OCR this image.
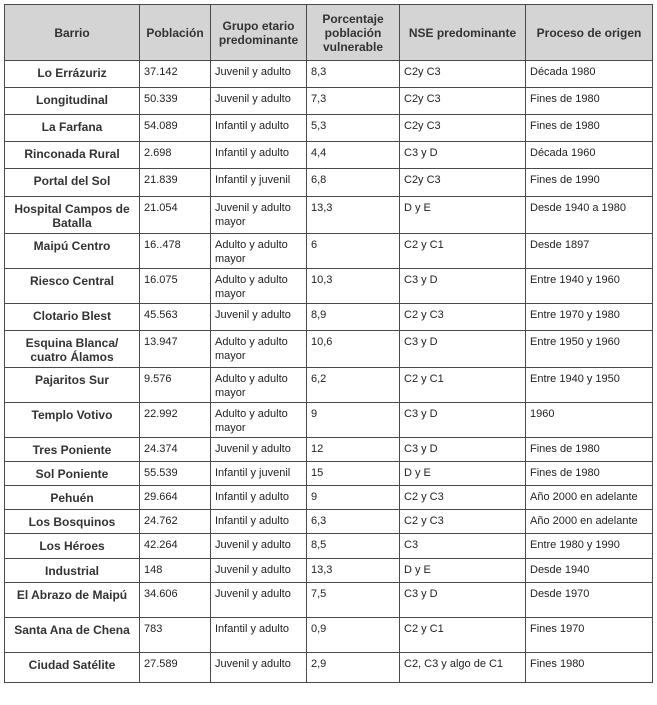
Barrio	Población	Grupo etario predominante	Porcentaje población vulnerable	NSE predominante	Proceso de origen
Lo Errázuriz	37.142	Juvenil y adulto	8,3	C2y C3	Década 1980
Longitudinal	50.339	Juvenil y adulto	7,3	C2y C3	Fines de 1980
La Farfana	54.089	Infantil y adulto	5,3	C2y C3	Fines de 1980
Rinconada Rural	2.698	Infantil y adulto	4,4	C3 y D	Década 1960
Portal del Sol	21.839	Infantil y juvenil	6,8	C2y C3	Fines de 1990
Hospital Campos de Batalla	21.054	Juvenil y adulto mayor	13,3	D y E	Desde 1940 a 1980
Maipú Centro	16..478	Adulto y adulto mayor	6	C2 y C1	Desde 1897
Riesco Central	16.075	Adulto y adulto mayor	10,3	C3 y D	Entre 1940 y 1960
Clotario Blest	45.563	Juvenil y adulto	8,9	C2 y C3	Entre 1970 y 1980
Esquina Blanca/ cuatro Álamos	13.947	Adulto y adulto mayor	10,6	C3 y D	Entre 1950 y 1960
Pajaritos Sur	9.576	Adulto y adulto mayor	6,2	C2 y C1	Entre 1940 y 1950
Templo Votivo	22.992	Adulto y adulto mayor	9	C3 y D	1960
Tres Poniente	24.374	Juvenil y adulto	12	C3 y D	Fines de 1980
Sol Poniente	55.539	Infantil y juvenil	15	D y E	Fines de 1980
Pehuén	29.664	Infantil y adulto	9	C2 y C3	Año 2000 en adelante
Los Bosquinos	24.762	Infantil y adulto	6,3	C2 y C3	Año 2000 en adelante
Los Héroes	42.264	Juvenil y adulto	8,5	C3	Entre 1980 y 1990
Industrial	148	Juvenil y adulto	13,3	D y E	Desde 1940
El Abrazo de Maipú	34.606	Juvenil y adulto	7,5	C3 y D	Desde 1970
Santa Ana de Chena	783	Infantil y adulto	0,9	C2 y C1	Fines 1970
Ciudad Satélite	27.589	Juvenil y adulto	2,9	C2, C3 y algo de C1	Fines 1980
